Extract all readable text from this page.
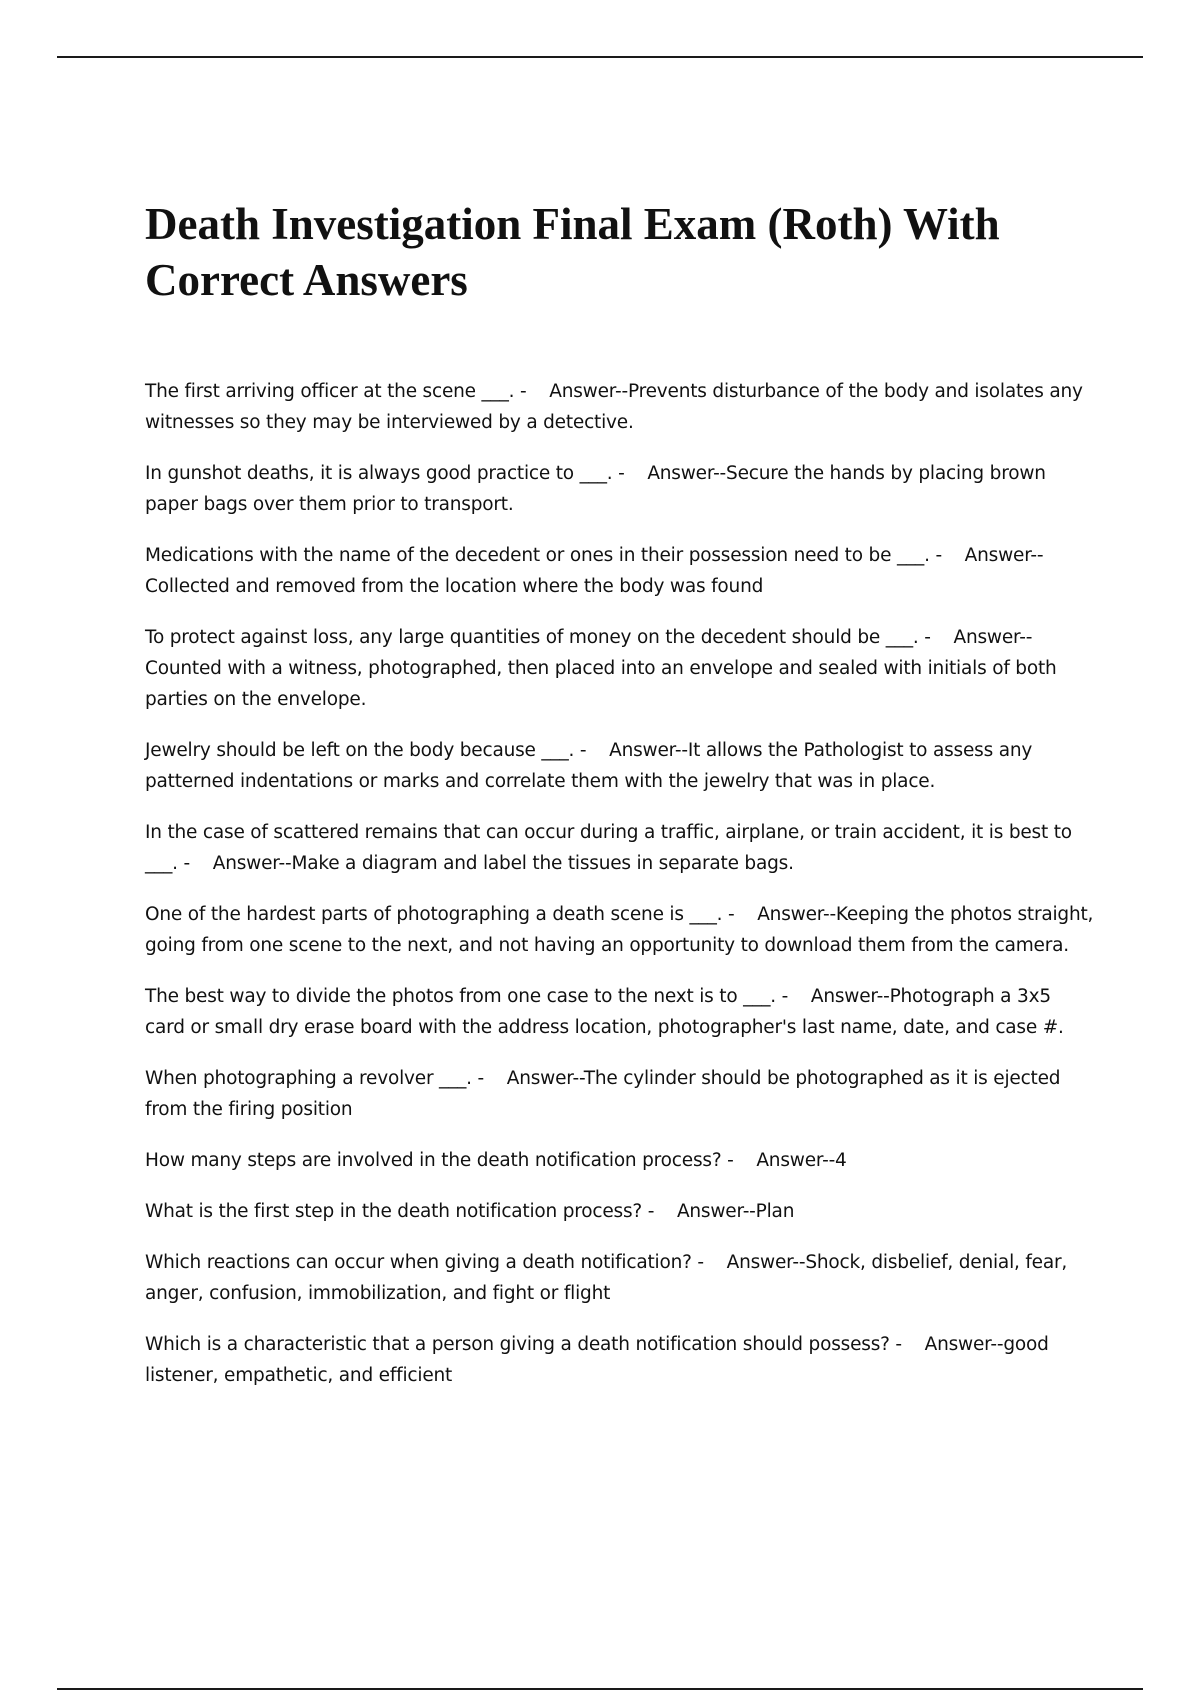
Death Investigation Final Exam (Roth) With Correct Answers

The first arriving officer at the scene ___. - Answer--Prevents disturbance of the body and isolates any witnesses so they may be interviewed by a detective.

In gunshot deaths, it is always good practice to ___. - Answer--Secure the hands by placing brown paper bags over them prior to transport.

Medications with the name of the decedent or ones in their possession need to be ___. - Answer--Collected and removed from the location where the body was found

To protect against loss, any large quantities of money on the decedent should be ___. - Answer--Counted with a witness, photographed, then placed into an envelope and sealed with initials of both parties on the envelope.

Jewelry should be left on the body because ___. - Answer--It allows the Pathologist to assess any patterned indentations or marks and correlate them with the jewelry that was in place.

In the case of scattered remains that can occur during a traffic, airplane, or train accident, it is best to ___. - Answer--Make a diagram and label the tissues in separate bags.

One of the hardest parts of photographing a death scene is ___. - Answer--Keeping the photos straight, going from one scene to the next, and not having an opportunity to download them from the camera.

The best way to divide the photos from one case to the next is to ___. - Answer--Photograph a 3x5 card or small dry erase board with the address location, photographer's last name, date, and case #.

When photographing a revolver ___. - Answer--The cylinder should be photographed as it is ejected from the firing position

How many steps are involved in the death notification process? - Answer--4

What is the first step in the death notification process? - Answer--Plan

Which reactions can occur when giving a death notification? - Answer--Shock, disbelief, denial, fear, anger, confusion, immobilization, and fight or flight

Which is a characteristic that a person giving a death notification should possess? - Answer--good listener, empathetic, and efficient
